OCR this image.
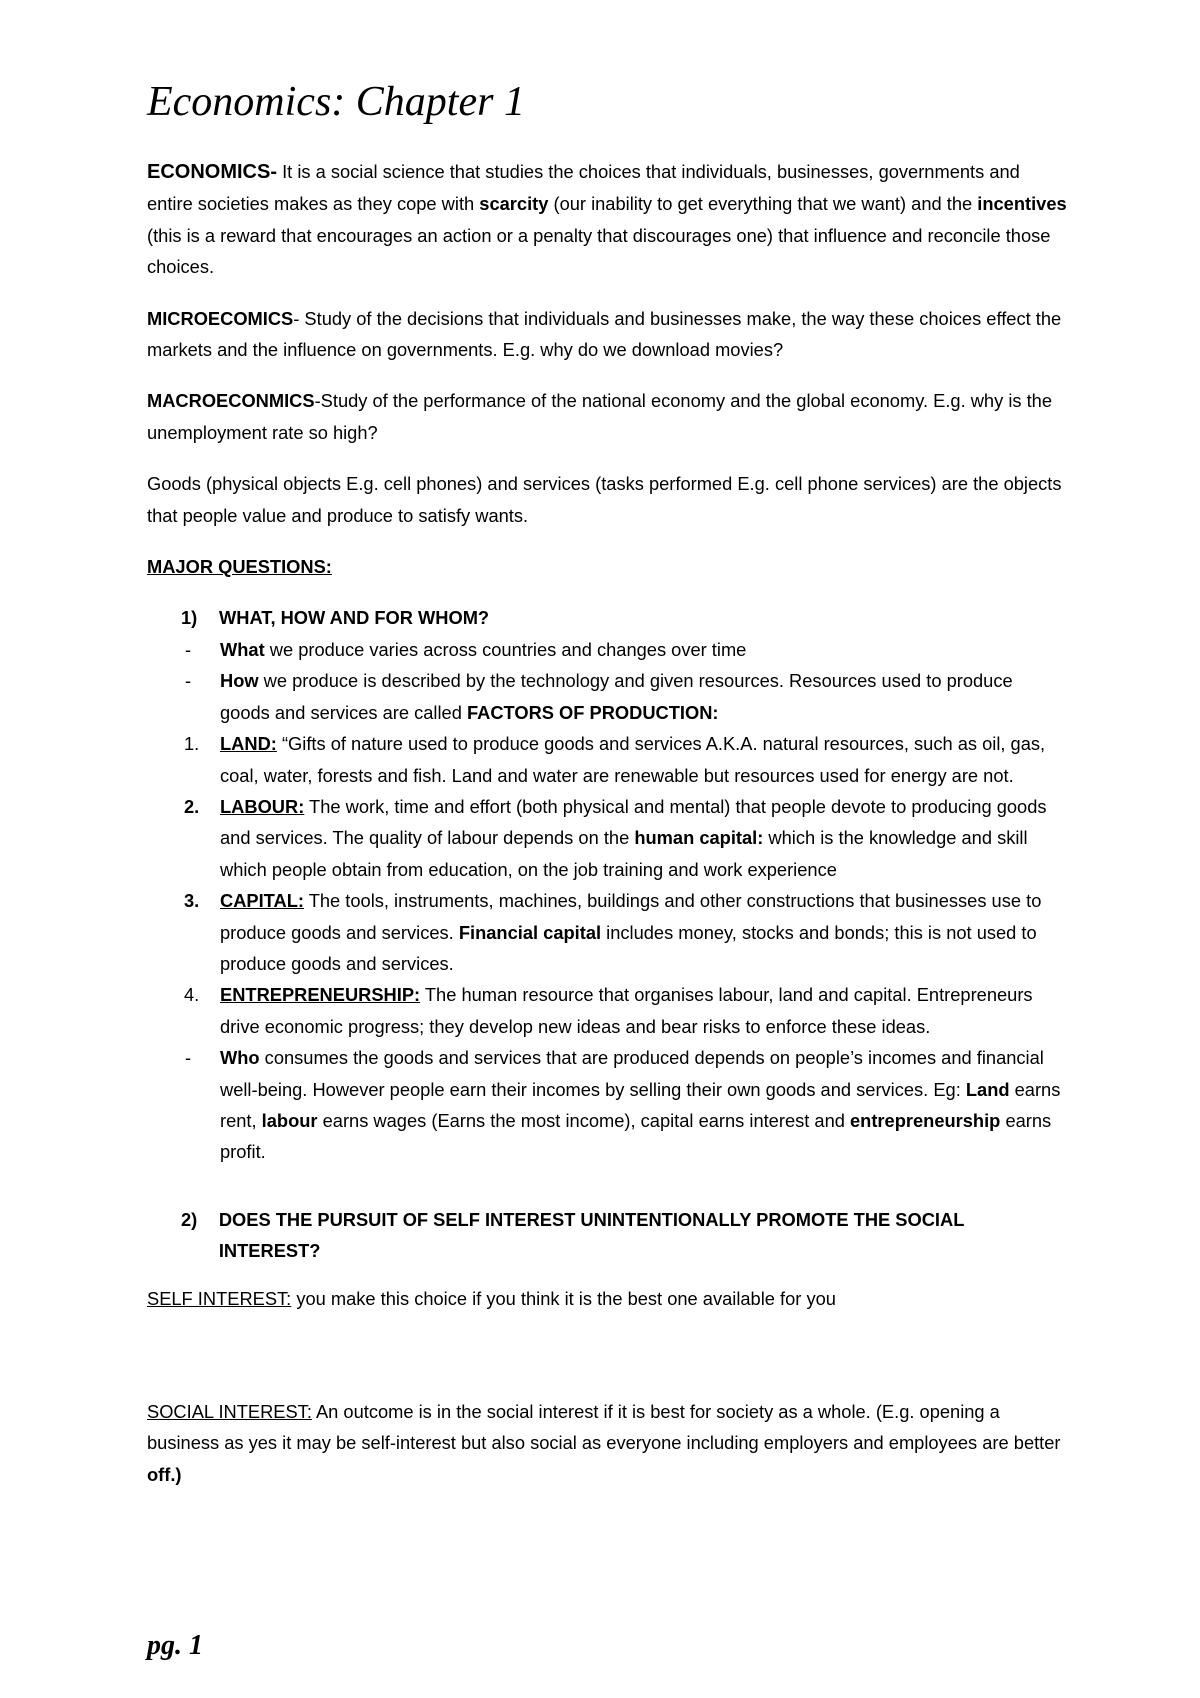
Economics: Chapter 1

ECONOMICS- It is a social science that studies the choices that individuals, businesses, governments and entire societies makes as they cope with scarcity (our inability to get everything that we want) and the incentives (this is a reward that encourages an action or a penalty that discourages one) that influence and reconcile those choices.

MICROECOMICS- Study of the decisions that individuals and businesses make, the way these choices effect the markets and the influence on governments. E.g. why do we download movies?

MACROECONMICS-Study of the performance of the national economy and the global economy. E.g. why is the unemployment rate so high?

Goods (physical objects E.g. cell phones) and services (tasks performed E.g. cell phone services) are the objects that people value and produce to satisfy wants.

MAJOR QUESTIONS:

1)	WHAT, HOW AND FOR WHOM?
-	What we produce varies across countries and changes over time
-	How we produce is described by the technology and given resources. Resources used to produce goods and services are called FACTORS OF PRODUCTION:
1.	LAND: “Gifts of nature used to produce goods and services A.K.A. natural resources, such as oil, gas, coal, water, forests and fish. Land and water are renewable but resources used for energy are not.
2.	LABOUR: The work, time and effort (both physical and mental) that people devote to producing goods and services. The quality of labour depends on the human capital: which is the knowledge and skill which people obtain from education, on the job training and work experience
3.	CAPITAL: The tools, instruments, machines, buildings and other constructions that businesses use to produce goods and services. Financial capital includes money, stocks and bonds; this is not used to produce goods and services.
4.	ENTREPRENEURSHIP: The human resource that organises labour, land and capital. Entrepreneurs drive economic progress; they develop new ideas and bear risks to enforce these ideas.
-	Who consumes the goods and services that are produced depends on people’s incomes and financial well-being. However people earn their incomes by selling their own goods and services. Eg: Land earns rent, labour earns wages (Earns the most income), capital earns interest and entrepreneurship earns profit.
2)	DOES THE PURSUIT OF SELF INTEREST UNINTENTIONALLY PROMOTE THE SOCIAL INTEREST?

SELF INTEREST: you make this choice if you think it is the best one available for you

SOCIAL INTEREST: An outcome is in the social interest if it is best for society as a whole. (E.g. opening a business as yes it may be self-interest but also social as everyone including employers and employees are better off.)

pg. 1
